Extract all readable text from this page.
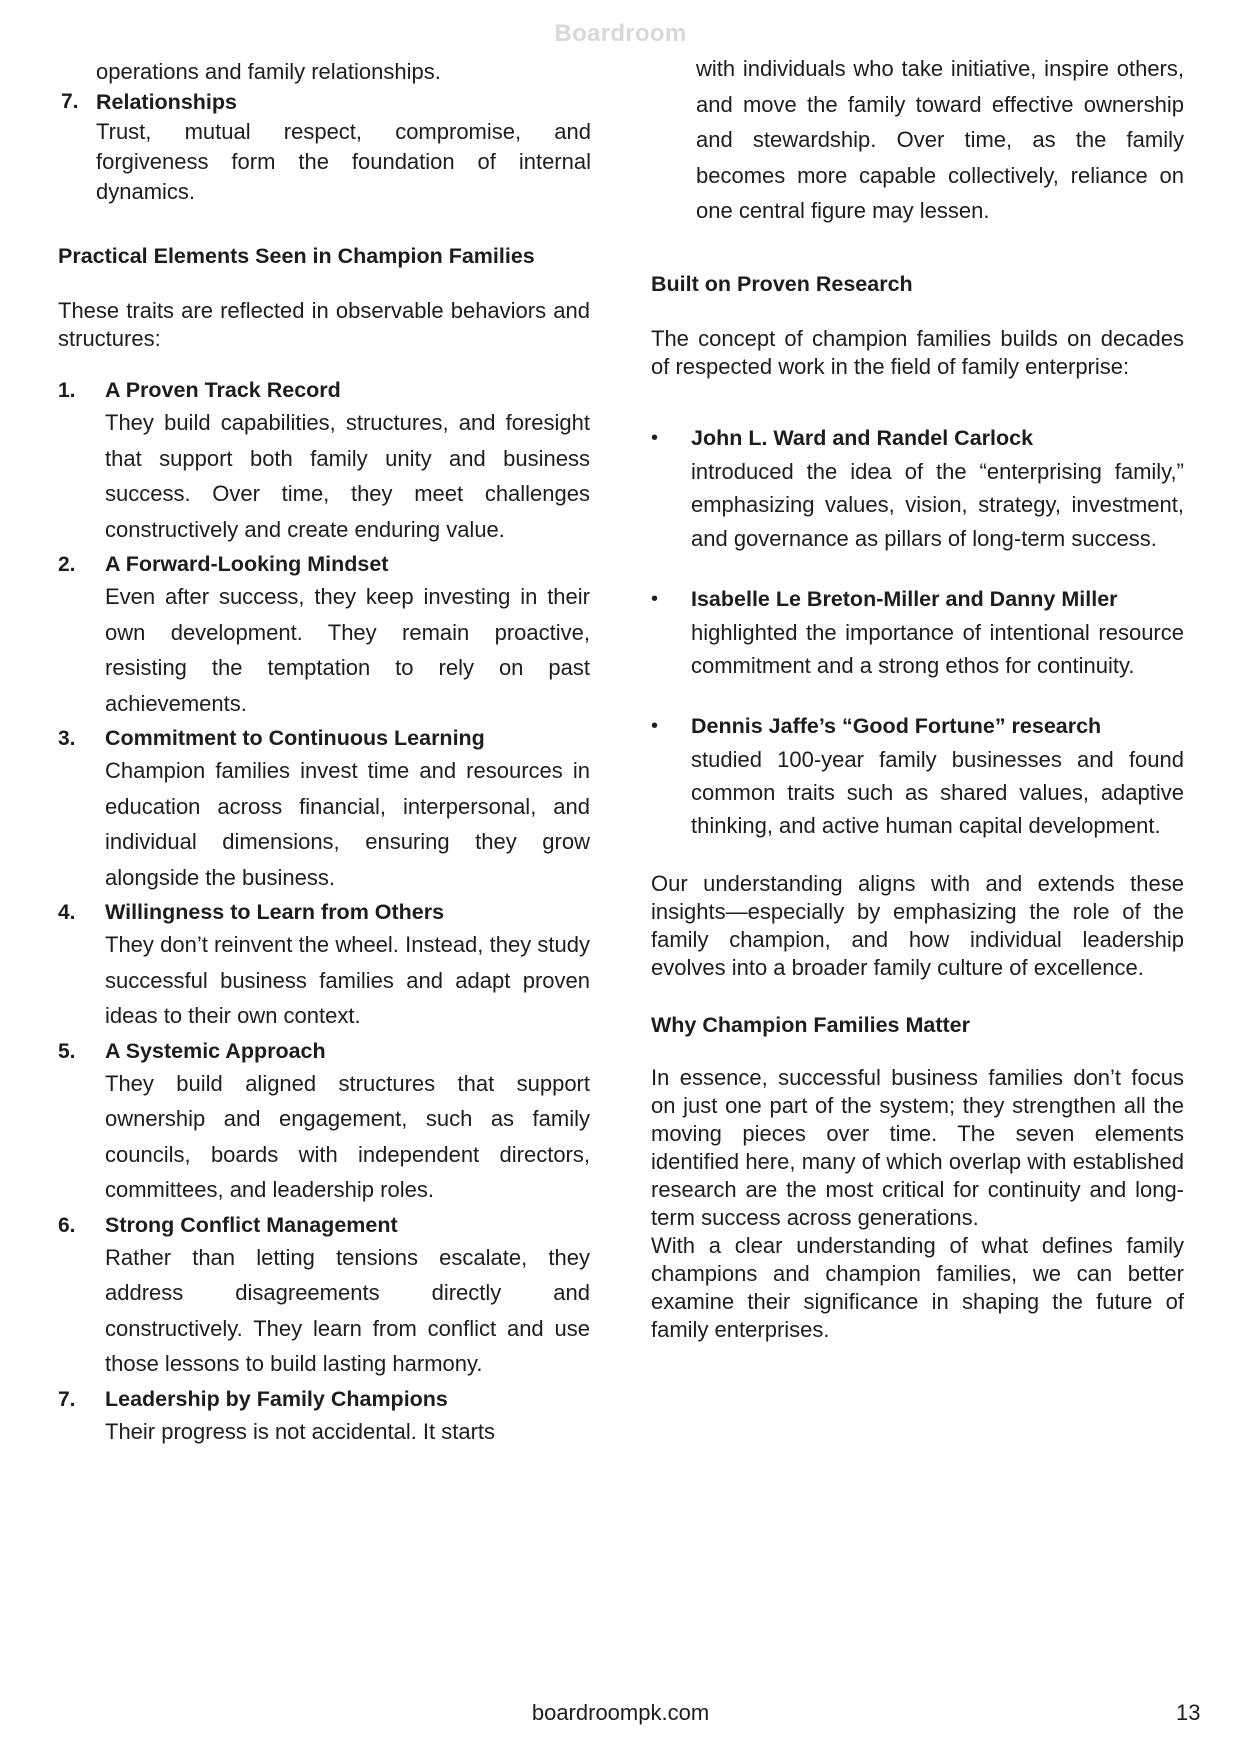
Boardroom

operations and family relationships.

7. Relationships

Trust, mutual respect, compromise, and forgiveness form the foundation of internal dynamics.

Practical Elements Seen in Champion Families

These traits are reflected in observable behaviors and structures:

1. A Proven Track Record

They build capabilities, structures, and foresight that support both family unity and business success. Over time, they meet challenges constructively and create enduring value.

2. A Forward-Looking Mindset

Even after success, they keep investing in their own development. They remain proactive, resisting the temptation to rely on past achievements.

3. Commitment to Continuous Learning

Champion families invest time and resources in education across financial, interpersonal, and individual dimensions, ensuring they grow alongside the business.

4. Willingness to Learn from Others

They don’t reinvent the wheel. Instead, they study successful business families and adapt proven ideas to their own context.

5. A Systemic Approach

They build aligned structures that support ownership and engagement, such as family councils, boards with independent directors, committees, and leadership roles.

6. Strong Conflict Management

Rather than letting tensions escalate, they address disagreements directly and constructively. They learn from conflict and use those lessons to build lasting harmony.

7. Leadership by Family Champions

Their progress is not accidental. It starts

with individuals who take initiative, inspire others, and move the family toward effective ownership and stewardship. Over time, as the family becomes more capable collectively, reliance on one central figure may lessen.

Built on Proven Research

The concept of champion families builds on decades of respected work in the field of family enterprise:

• John L. Ward and Randel Carlock

introduced the idea of the “enterprising family,” emphasizing values, vision, strategy, investment, and governance as pillars of long-term success.

• Isabelle Le Breton-Miller and Danny Miller

highlighted the importance of intentional resource commitment and a strong ethos for continuity.

• Dennis Jaffe’s “Good Fortune” research

studied 100-year family businesses and found common traits such as shared values, adaptive thinking, and active human capital development.

Our understanding aligns with and extends these insights—especially by emphasizing the role of the family champion, and how individual leadership evolves into a broader family culture of excellence.

Why Champion Families Matter

In essence, successful business families don’t focus on just one part of the system; they strengthen all the moving pieces over time. The seven elements identified here, many of which overlap with established research are the most critical for continuity and long-term success across generations.

With a clear understanding of what defines family champions and champion families, we can better examine their significance in shaping the future of family enterprises.

boardroompk.com	13
